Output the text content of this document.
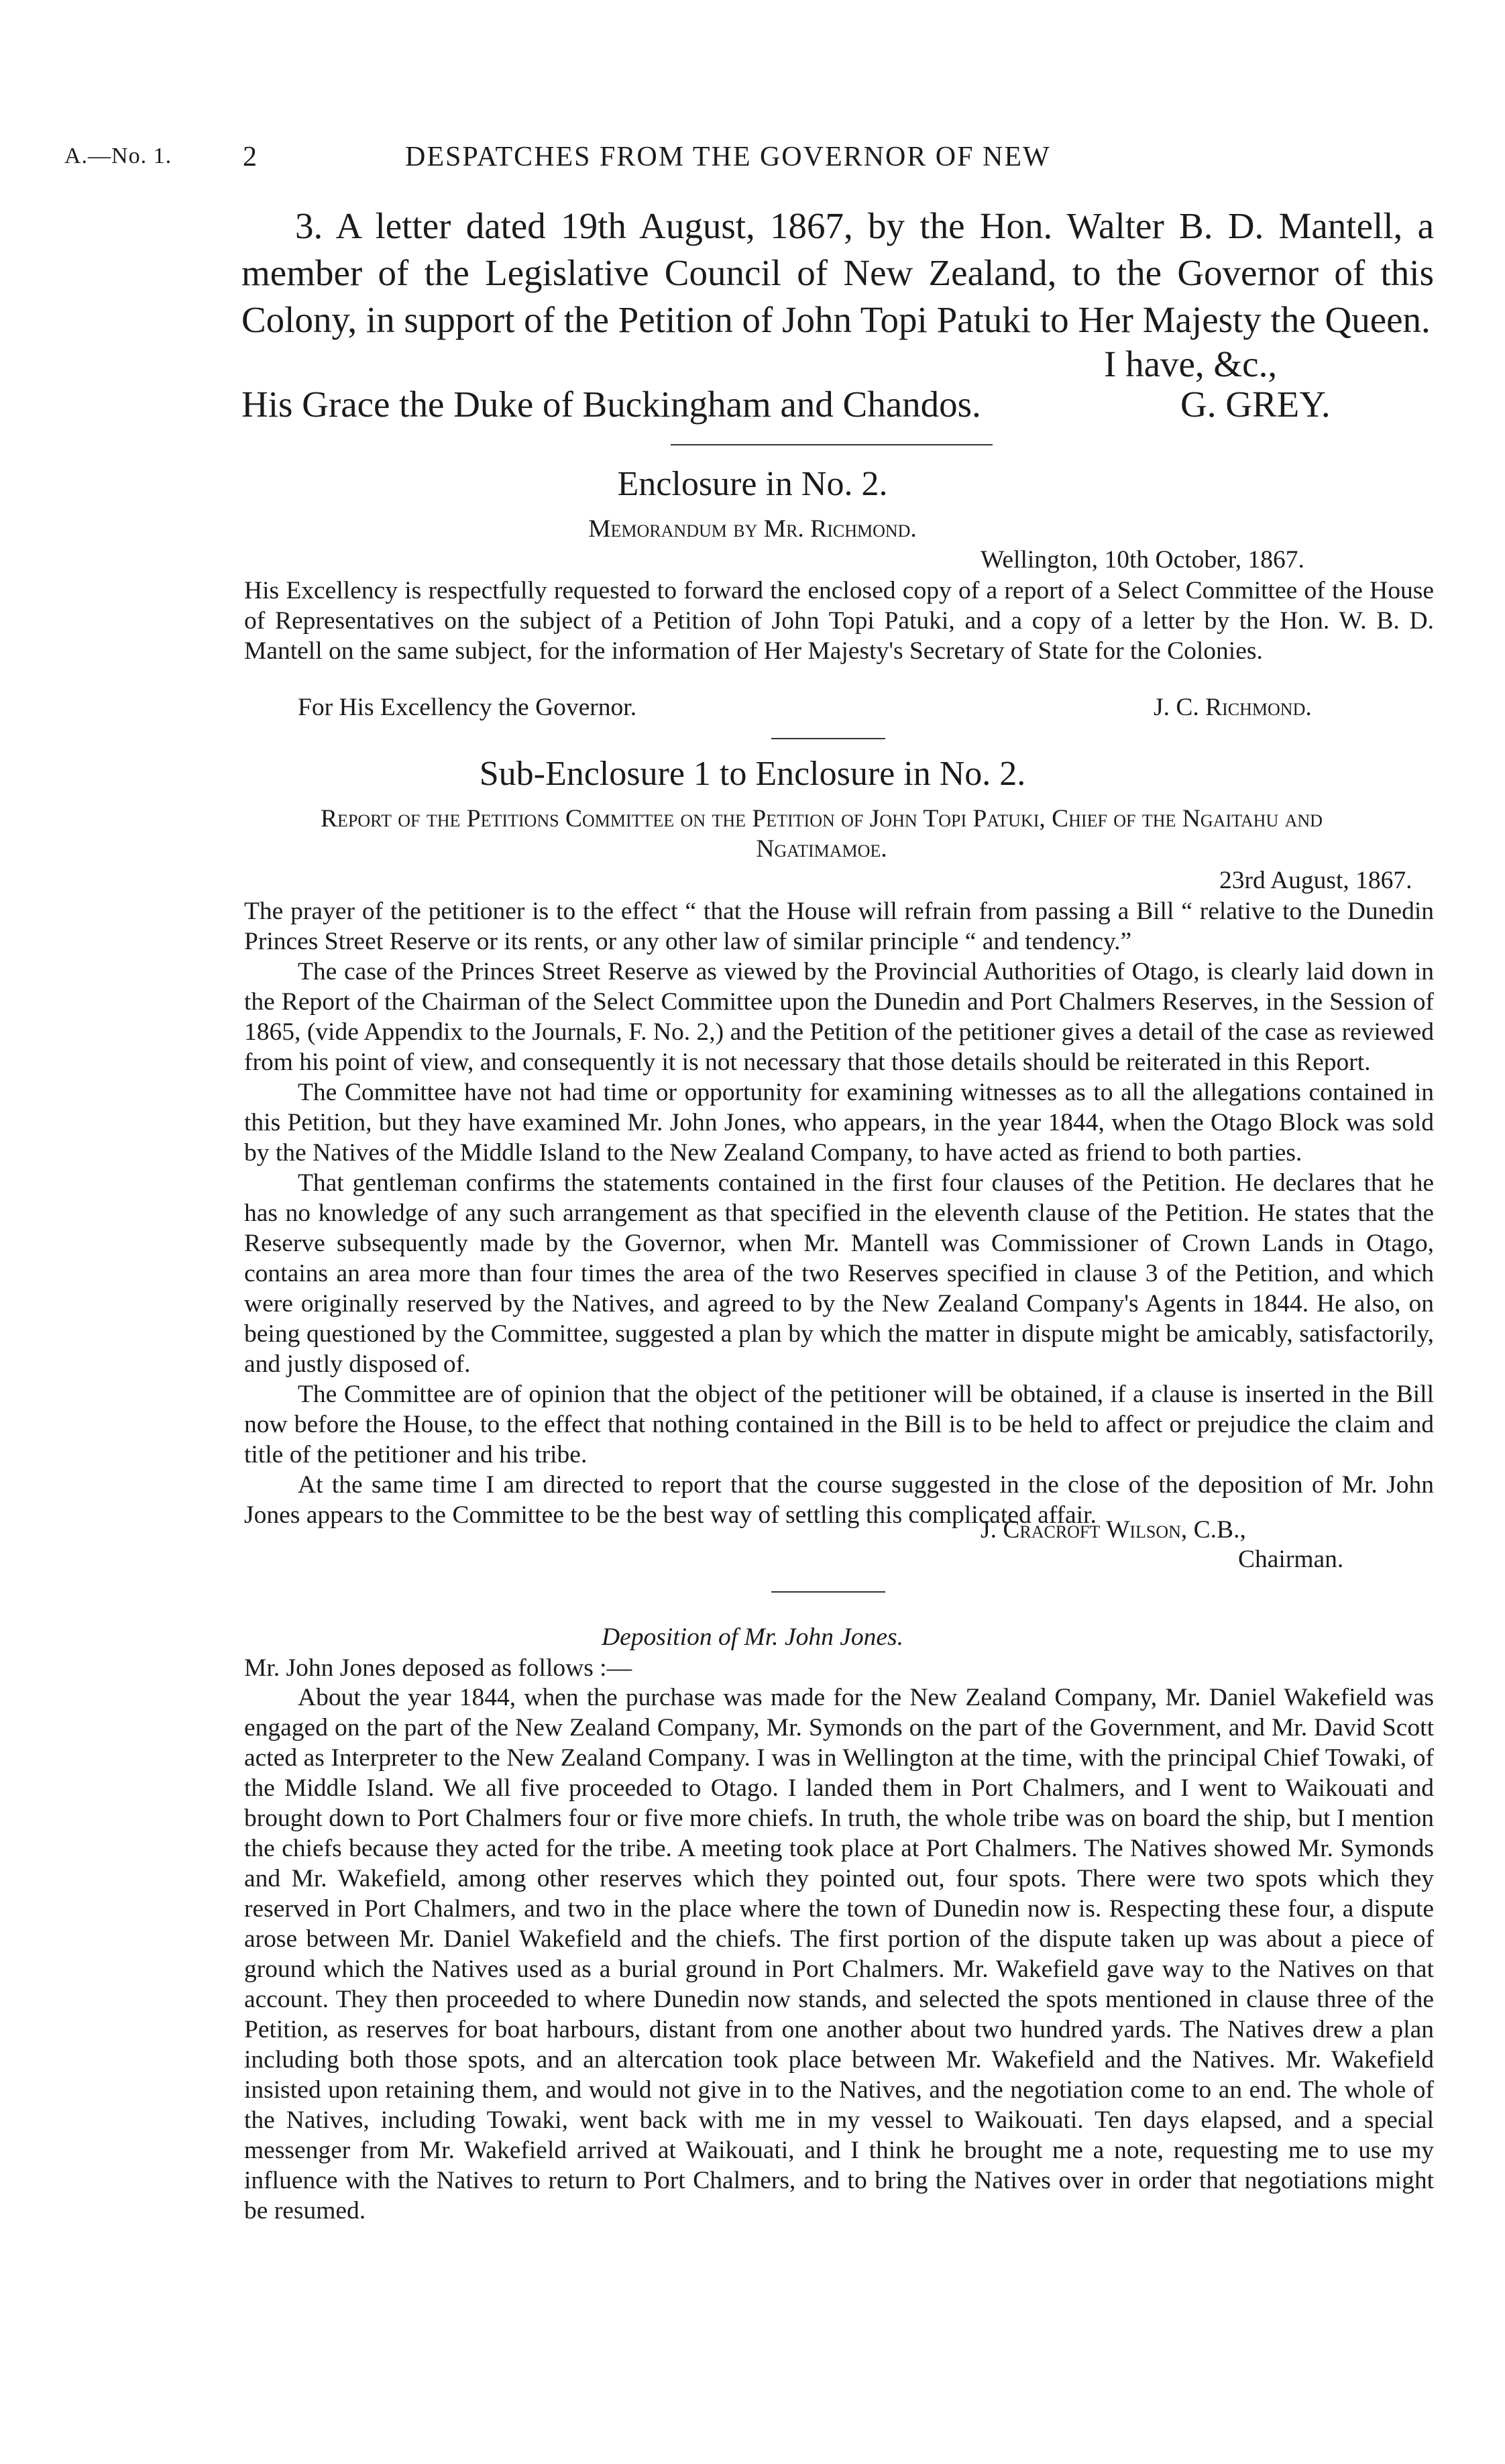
A.—No. 1.	2	DESPATCHES FROM THE GOVERNOR OF NEW

3. A letter dated 19th August, 1867, by the Hon. Walter B. D. Mantell, a member of the Legislative Council of New Zealand, to the Governor of this Colony, in support of the Petition of John Topi Patuki to Her Majesty the Queen.

I have, &c.,
His Grace the Duke of Buckingham and Chandos.	G. GREY.
Enclosure in No. 2.
Memorandum by Mr. Richmond.
Wellington, 10th October, 1867.

His Excellency is respectfully requested to forward the enclosed copy of a report of a Select Committee of the House of Representatives on the subject of a Petition of John Topi Patuki, and a copy of a letter by the Hon. W. B. D. Mantell on the same subject, for the information of Her Majesty's Secretary of State for the Colonies.

For His Excellency the Governor.	J. C. Richmond.
Sub-Enclosure 1 to Enclosure in No. 2.
Report of the Petitions Committee on the Petition of John Topi Patuki, Chief of the Ngaitahu and Ngatimamoe.
23rd August, 1867.

The prayer of the petitioner is to the effect “ that the House will refrain from passing a Bill “ relative to the Dunedin Princes Street Reserve or its rents, or any other law of similar principle “ and tendency.”

The case of the Princes Street Reserve as viewed by the Provincial Authorities of Otago, is clearly laid down in the Report of the Chairman of the Select Committee upon the Dunedin and Port Chalmers Reserves, in the Session of 1865, (vide Appendix to the Journals, F. No. 2,) and the Petition of the petitioner gives a detail of the case as reviewed from his point of view, and consequently it is not necessary that those details should be reiterated in this Report.

The Committee have not had time or opportunity for examining witnesses as to all the allegations contained in this Petition, but they have examined Mr. John Jones, who appears, in the year 1844, when the Otago Block was sold by the Natives of the Middle Island to the New Zealand Company, to have acted as friend to both parties.

That gentleman confirms the statements contained in the first four clauses of the Petition. He declares that he has no knowledge of any such arrangement as that specified in the eleventh clause of the Petition. He states that the Reserve subsequently made by the Governor, when Mr. Mantell was Commissioner of Crown Lands in Otago, contains an area more than four times the area of the two Reserves specified in clause 3 of the Petition, and which were originally reserved by the Natives, and agreed to by the New Zealand Company's Agents in 1844. He also, on being questioned by the Committee, suggested a plan by which the matter in dispute might be amicably, satisfactorily, and justly disposed of.

The Committee are of opinion that the object of the petitioner will be obtained, if a clause is inserted in the Bill now before the House, to the effect that nothing contained in the Bill is to be held to affect or prejudice the claim and title of the petitioner and his tribe.

At the same time I am directed to report that the course suggested in the close of the deposition of Mr. John Jones appears to the Committee to be the best way of settling this complicated affair.

J. Cracroft Wilson, C.B.,
Chairman.
Deposition of Mr. John Jones.
Mr. John Jones deposed as follows :—

About the year 1844, when the purchase was made for the New Zealand Company, Mr. Daniel Wakefield was engaged on the part of the New Zealand Company, Mr. Symonds on the part of the Government, and Mr. David Scott acted as Interpreter to the New Zealand Company. I was in Wellington at the time, with the principal Chief Towaki, of the Middle Island. We all five proceeded to Otago. I landed them in Port Chalmers, and I went to Waikouati and brought down to Port Chalmers four or five more chiefs. In truth, the whole tribe was on board the ship, but I mention the chiefs because they acted for the tribe. A meeting took place at Port Chalmers. The Natives showed Mr. Symonds and Mr. Wakefield, among other reserves which they pointed out, four spots. There were two spots which they reserved in Port Chalmers, and two in the place where the town of Dunedin now is. Respecting these four, a dispute arose between Mr. Daniel Wakefield and the chiefs. The first portion of the dispute taken up was about a piece of ground which the Natives used as a burial ground in Port Chalmers. Mr. Wakefield gave way to the Natives on that account. They then proceeded to where Dunedin now stands, and selected the spots mentioned in clause three of the Petition, as reserves for boat harbours, distant from one another about two hundred yards. The Natives drew a plan including both those spots, and an altercation took place between Mr. Wakefield and the Natives. Mr. Wakefield insisted upon retaining them, and would not give in to the Natives, and the negotiation come to an end. The whole of the Natives, including Towaki, went back with me in my vessel to Waikouati. Ten days elapsed, and a special messenger from Mr. Wakefield arrived at Waikouati, and I think he brought me a note, requesting me to use my influence with the Natives to return to Port Chalmers, and to bring the Natives over in order that negotiations might be resumed.
